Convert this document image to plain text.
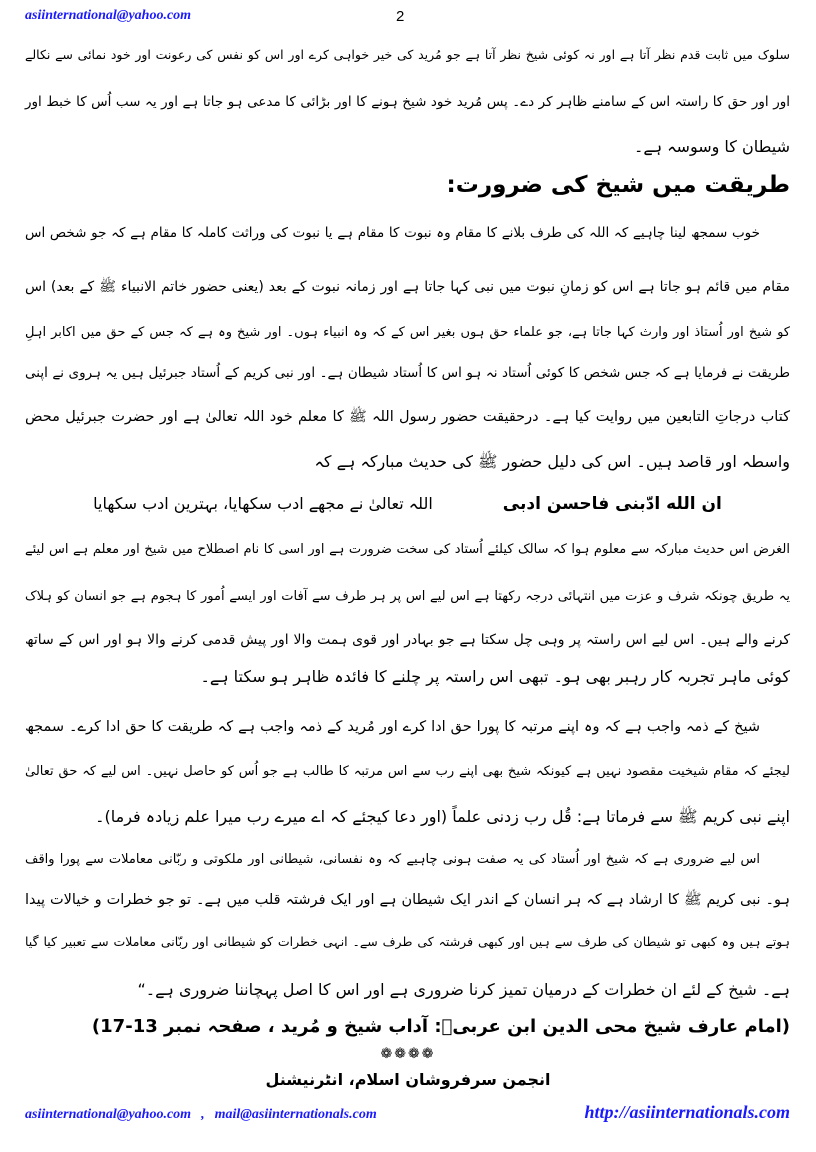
asiinternational@yahoo.com	2
سلوک میں ثابت قدم نظر آتا ہے اور نہ کوئی شیخ نظر آتا ہے جو مُرید کی خیر خواہی کرے اور اس کو نفس کی رعونت اور خود نمائی سے نکالے
اور اور حق کا راستہ اس کے سامنے ظاہر کر دے۔ پس مُرید خود شیخ ہونے کا اور بڑائی کا مدعی ہو جاتا ہے اور یہ سب اُس کا خبط اور
شیطان کا وسوسہ ہے۔
طریقت میں شیخ کی ضرورت:
خوب سمجھ لینا چاہیے کہ اللہ کی طرف بلانے کا مقام وہ نبوت کا مقام ہے یا نبوت کی وراثت کاملہ کا مقام ہے کہ جو شخص اس
مقام میں قائم ہو جاتا ہے اس کو زمانِ نبوت میں نبی کہا جاتا ہے اور زمانہ نبوت کے بعد (یعنی حضور خاتم الانبیاء ﷺ کے بعد) اس
کو شیخ اور اُستاذ اور وارث کہا جاتا ہے، جو علماء حق ہوں بغیر اس کے کہ وہ انبیاء ہوں۔ اور شیخ وہ ہے کہ جس کے حق میں اکابر اہلِ
طریقت نے فرمایا ہے کہ جس شخص کا کوئی اُستاد نہ ہو اس کا اُستاد شیطان ہے۔ اور نبی کریم کے اُستاد جبرئیل ہیں یہ ہروی نے اپنی
کتاب درجاتِ التابعین میں روایت کیا ہے۔ درحقیقت حضور رسول اللہ ﷺ کا معلم خود اللہ تعالیٰ ہے اور حضرت جبرئیل محض
واسطہ اور قاصد ہیں۔ اس کی دلیل حضور ﷺ کی حدیث مبارکہ ہے کہ
ان الله ادّبنی فاحسن ادبی
اللہ تعالیٰ نے مجھے ادب سکھایا، بہترین ادب سکھایا
الغرض اس حدیث مبارکہ سے معلوم ہوا کہ سالک کیلئے اُستاد کی سخت ضرورت ہے اور اسی کا نام اصطلاح میں شیخ اور معلم ہے اس لیئے
یہ طریق چونکہ شرف و عزت میں انتہائی درجہ رکھتا ہے اس لیے اس پر ہر طرف سے آفات اور ایسے اُمور کا ہجوم ہے جو انسان کو ہلاک
کرنے والے ہیں۔ اس لیے اس راستہ پر وہی چل سکتا ہے جو بہادر اور قوی ہمت والا اور پیش قدمی کرنے والا ہو اور اس کے ساتھ
کوئی ماہر تجربہ کار رہبر بھی ہو۔ تبھی اس راستہ پر چلنے کا فائدہ ظاہر ہو سکتا ہے۔
شیخ کے ذمہ واجب ہے کہ وہ اپنے مرتبہ کا پورا حق ادا کرے اور مُرید کے ذمہ واجب ہے کہ طریقت کا حق ادا کرے۔ سمجھ
لیجئے کہ مقام شیخیت مقصود نہیں ہے کیونکہ شیخ بھی اپنے رب سے اس مرتبہ کا طالب ہے جو اُس کو حاصل نہیں۔ اس لیے کہ حق تعالیٰ
اپنے نبی کریم ﷺ سے فرماتا ہے: قُل رب زدنی علماً (اور دعا کیجئے کہ اے میرے رب میرا علم زیادہ فرما)۔
اس لیے ضروری ہے کہ شیخ اور اُستاد کی یہ صفت ہونی چاہیے کہ وہ نفسانی، شیطانی اور ملکوتی و ربّانی معاملات سے پورا واقف
ہو۔ نبی کریم ﷺ کا ارشاد ہے کہ ہر انسان کے اندر ایک شیطان ہے اور ایک فرشتہ قلب میں ہے۔ تو جو خطرات و خیالات پیدا
ہوتے ہیں وہ کبھی تو شیطان کی طرف سے ہیں اور کبھی فرشتہ کی طرف سے۔ انہی خطرات کو شیطانی اور ربّانی معاملات سے تعبیر کیا گیا
ہے۔ شیخ کے لئے ان خطرات کے درمیان تمیز کرنا ضروری ہے اور اس کا اصل پہچاننا ضروری ہے۔“
(امام عارف شیخ محی الدین ابن عربیؒ: آداب شیخ و مُرید ، صفحہ نمبر 13-17)
❁❁❁❁
انجمن سرفروشان اسلام، انٹرنیشنل
asiinternational@yahoo.com , mail@asiinternationals.com	http://asiinternationals.com
